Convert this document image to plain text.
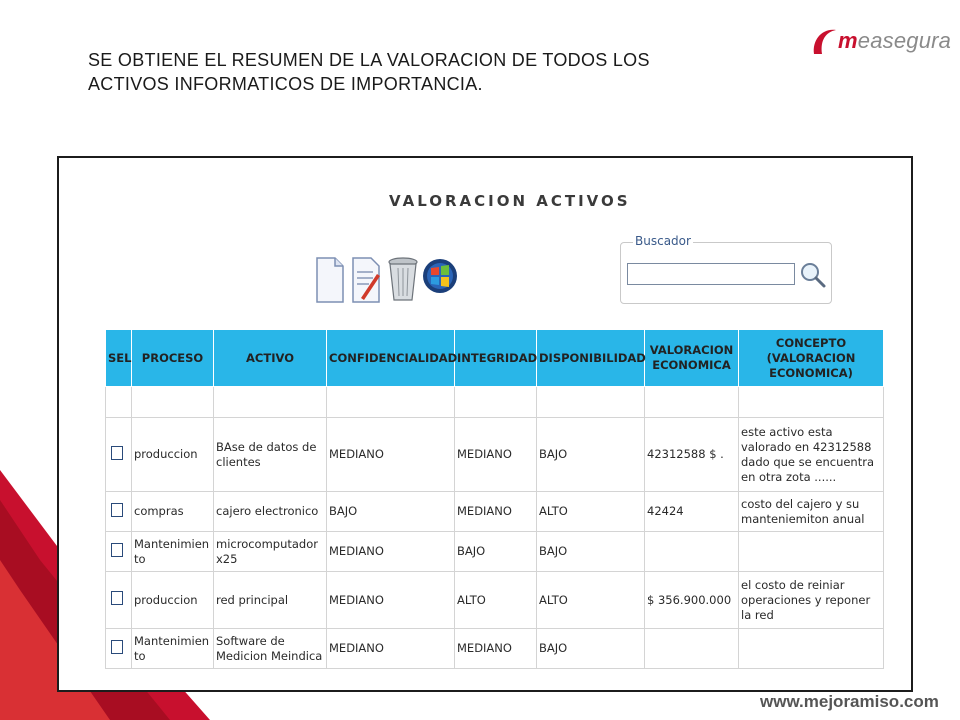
SE OBTIENE EL RESUMEN DE LA VALORACION DE TODOS LOS
ACTIVOS INFORMATICOS DE IMPORTANCIA.
measegura
VALORACION ACTIVOS
Buscador
SEL	PROCESO	ACTIVO	CONFIDENCIALIDAD	INTEGRIDAD	DISPONIBILIDAD	VALORACION ECONOMICA	CONCEPTO (VALORACION ECONOMICA)

	produccion	BAse de datos de clientes	MEDIANO	MEDIANO	BAJO	42312588 $ .	este activo esta valorado en 42312588 dado que se encuentra en otra zota ......
	compras	cajero electronico	BAJO	MEDIANO	ALTO	42424	costo del cajero y su manteniemiton anual
	Mantenimiento	microcomputador x25	MEDIANO	BAJO	BAJO		
	produccion	red principal	MEDIANO	ALTO	ALTO	$ 356.900.000	el costo de reiniar operaciones y reponer la red
	Mantenimiento	Software de Medicion Meindica	MEDIANO	MEDIANO	BAJO		
www.mejoramiso.com
